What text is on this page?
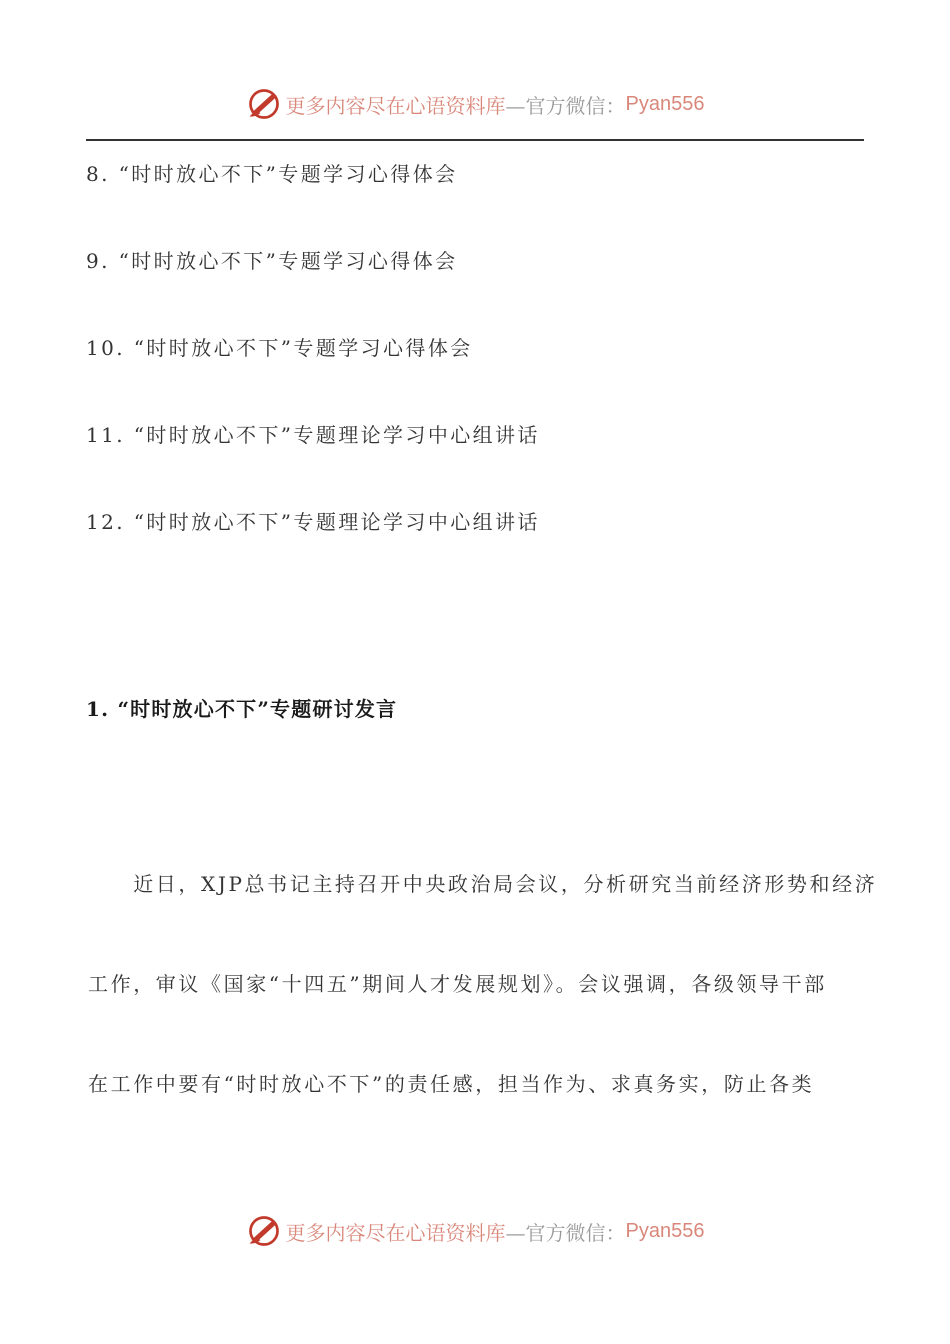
更多内容尽在心语资料库 —官方微信： Pyan556
8. “时时放心不下”专题学习心得体会
9. “时时放心不下”专题学习心得体会
10. “时时放心不下”专题学习心得体会
11. “时时放心不下”专题理论学习中心组讲话
12. “时时放心不下”专题理论学习中心组讲话
1. “时时放心不下”专题研讨发言
　　近日，XJP总书记主持召开中央政治局会议，分析研究当前经济形势和经济
工作，审议《国家“十四五”期间人才发展规划》。会议强调，各级领导干部
在工作中要有“时时放心不下”的责任感，担当作为、求真务实，防止各类
更多内容尽在心语资料库 —官方微信： Pyan556
